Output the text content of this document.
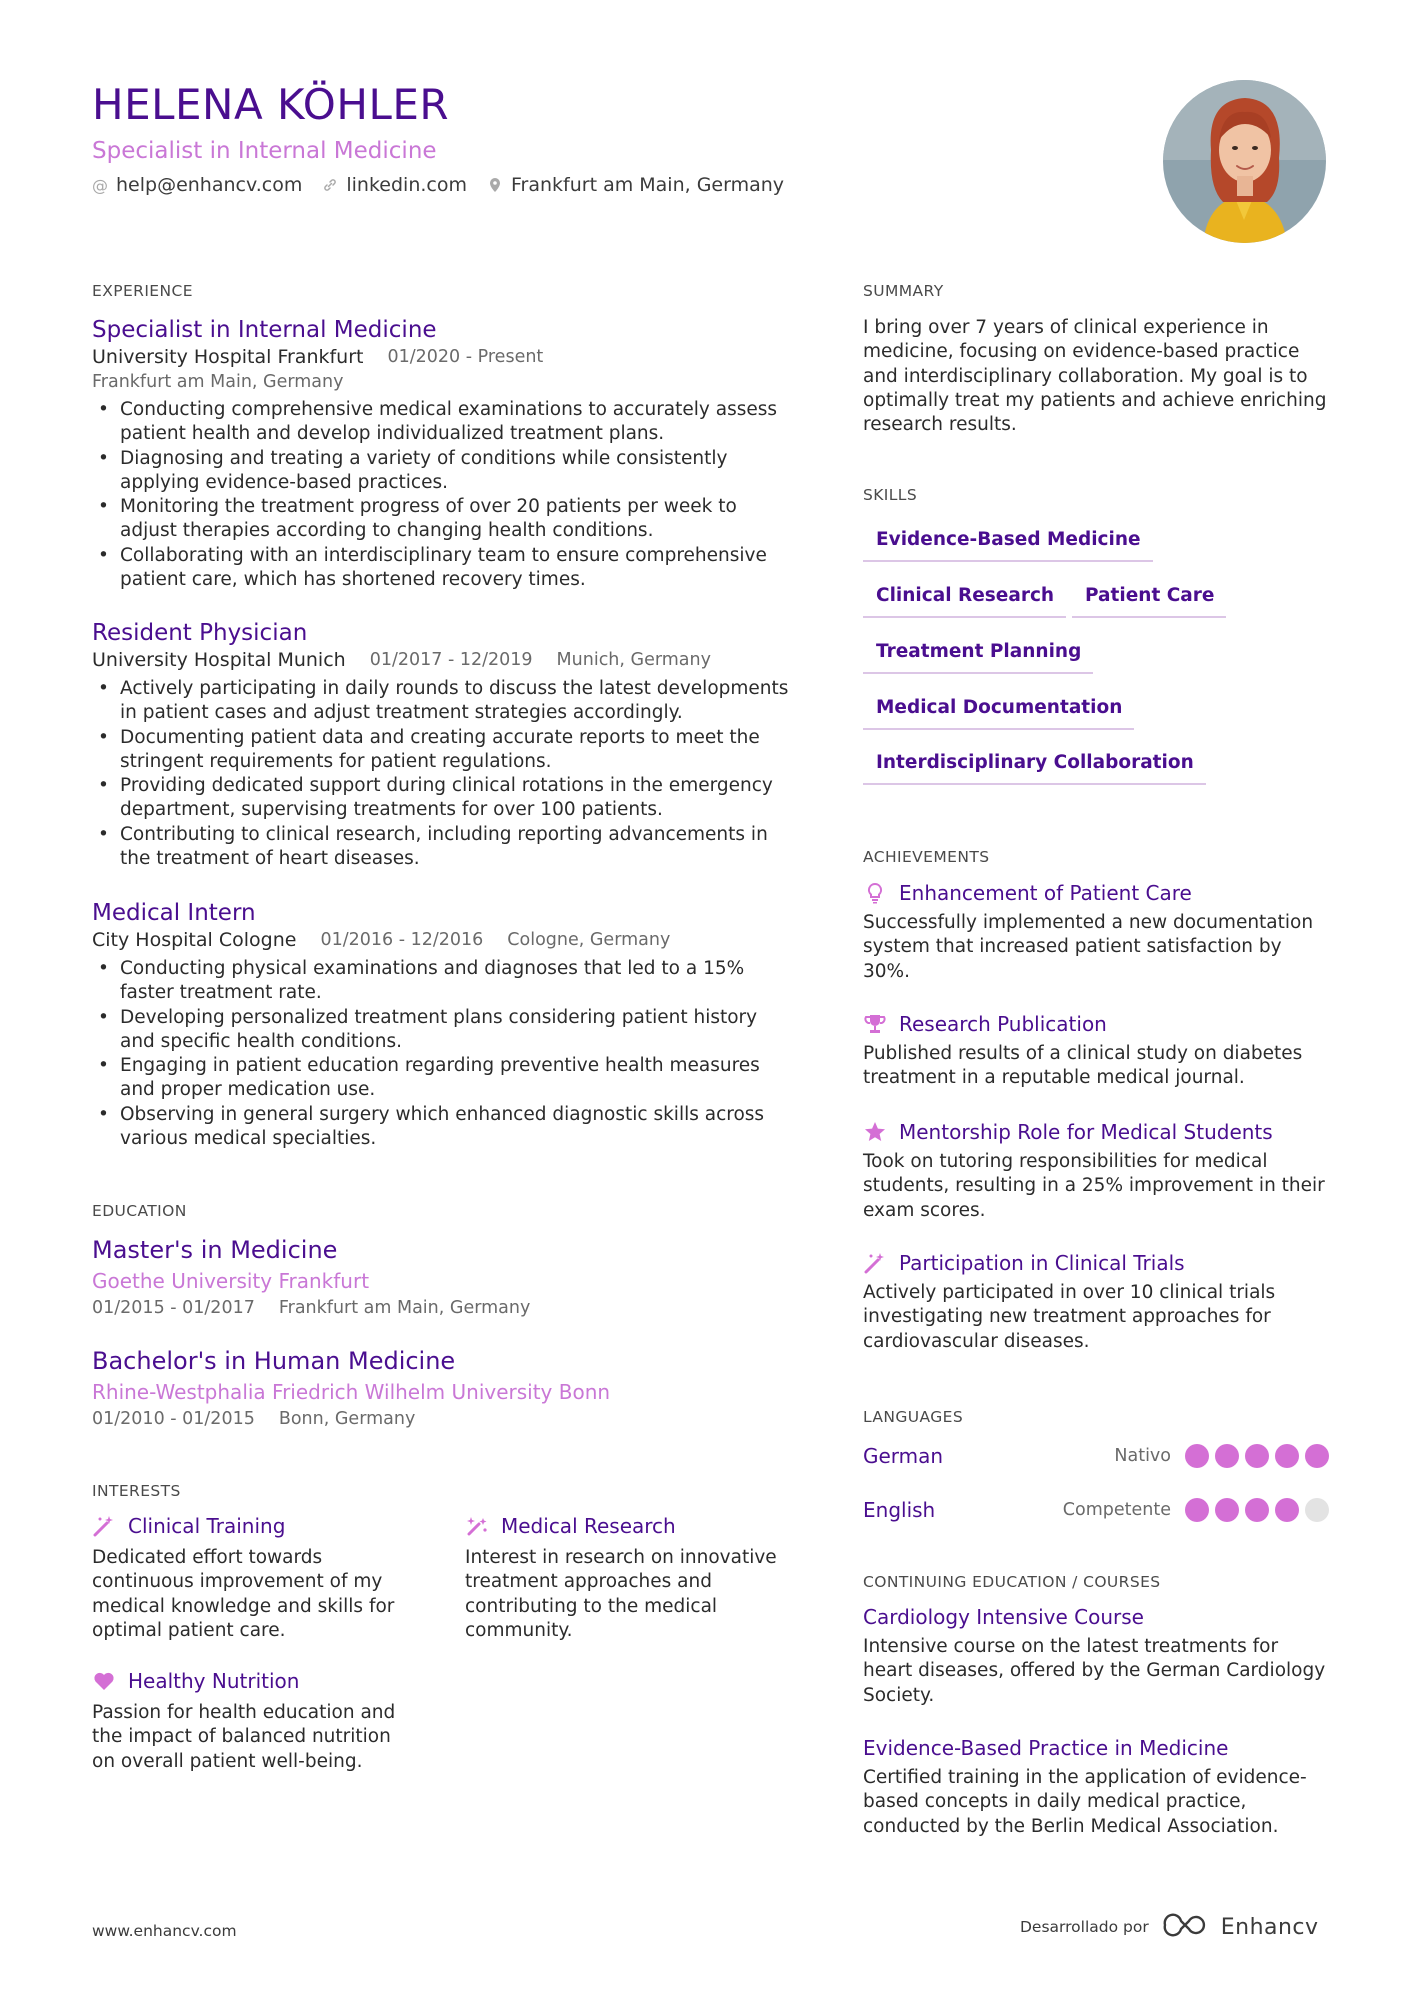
HELENA KÖHLER
Specialist in Internal Medicine
@ help@enhancv.com linkedin.com Frankfurt am Main, Germany
EXPERIENCE
Specialist in Internal Medicine
University Hospital Frankfurt 01/2020 - Present
Frankfurt am Main, Germany
• Conducting comprehensive medical examinations to accurately assess patient health and develop individualized treatment plans.
• Diagnosing and treating a variety of conditions while consistently applying evidence-based practices.
• Monitoring the treatment progress of over 20 patients per week to adjust therapies according to changing health conditions.
• Collaborating with an interdisciplinary team to ensure comprehensive patient care, which has shortened recovery times.
Resident Physician
University Hospital Munich 01/2017 - 12/2019 Munich, Germany
• Actively participating in daily rounds to discuss the latest developments in patient cases and adjust treatment strategies accordingly.
• Documenting patient data and creating accurate reports to meet the stringent requirements for patient regulations.
• Providing dedicated support during clinical rotations in the emergency department, supervising treatments for over 100 patients.
• Contributing to clinical research, including reporting advancements in the treatment of heart diseases.
Medical Intern
City Hospital Cologne 01/2016 - 12/2016 Cologne, Germany
• Conducting physical examinations and diagnoses that led to a 15% faster treatment rate.
• Developing personalized treatment plans considering patient history and specific health conditions.
• Engaging in patient education regarding preventive health measures and proper medication use.
• Observing in general surgery which enhanced diagnostic skills across various medical specialties.
EDUCATION
Master's in Medicine
Goethe University Frankfurt
01/2015 - 01/2017 Frankfurt am Main, Germany
Bachelor's in Human Medicine
Rhine-Westphalia Friedrich Wilhelm University Bonn
01/2010 - 01/2015 Bonn, Germany
INTERESTS
Clinical Training
Dedicated effort towards continuous improvement of my medical knowledge and skills for optimal patient care.
Medical Research
Interest in research on innovative treatment approaches and contributing to the medical community.
Healthy Nutrition
Passion for health education and the impact of balanced nutrition on overall patient well-being.
SUMMARY
I bring over 7 years of clinical experience in medicine, focusing on evidence-based practice and interdisciplinary collaboration. My goal is to optimally treat my patients and achieve enriching research results.
SKILLS
Evidence-Based Medicine
Clinical Research	Patient Care
Treatment Planning
Medical Documentation
Interdisciplinary Collaboration
ACHIEVEMENTS
Enhancement of Patient Care
Successfully implemented a new documentation system that increased patient satisfaction by 30%.
Research Publication
Published results of a clinical study on diabetes treatment in a reputable medical journal.
Mentorship Role for Medical Students
Took on tutoring responsibilities for medical students, resulting in a 25% improvement in their exam scores.
Participation in Clinical Trials
Actively participated in over 10 clinical trials investigating new treatment approaches for cardiovascular diseases.
LANGUAGES
German	Nativo
English	Competente
CONTINUING EDUCATION / COURSES
Cardiology Intensive Course
Intensive course on the latest treatments for heart diseases, offered by the German Cardiology Society.
Evidence-Based Practice in Medicine
Certified training in the application of evidence-based concepts in daily medical practice, conducted by the Berlin Medical Association.
www.enhancv.com	Desarrollado por	Enhancv
